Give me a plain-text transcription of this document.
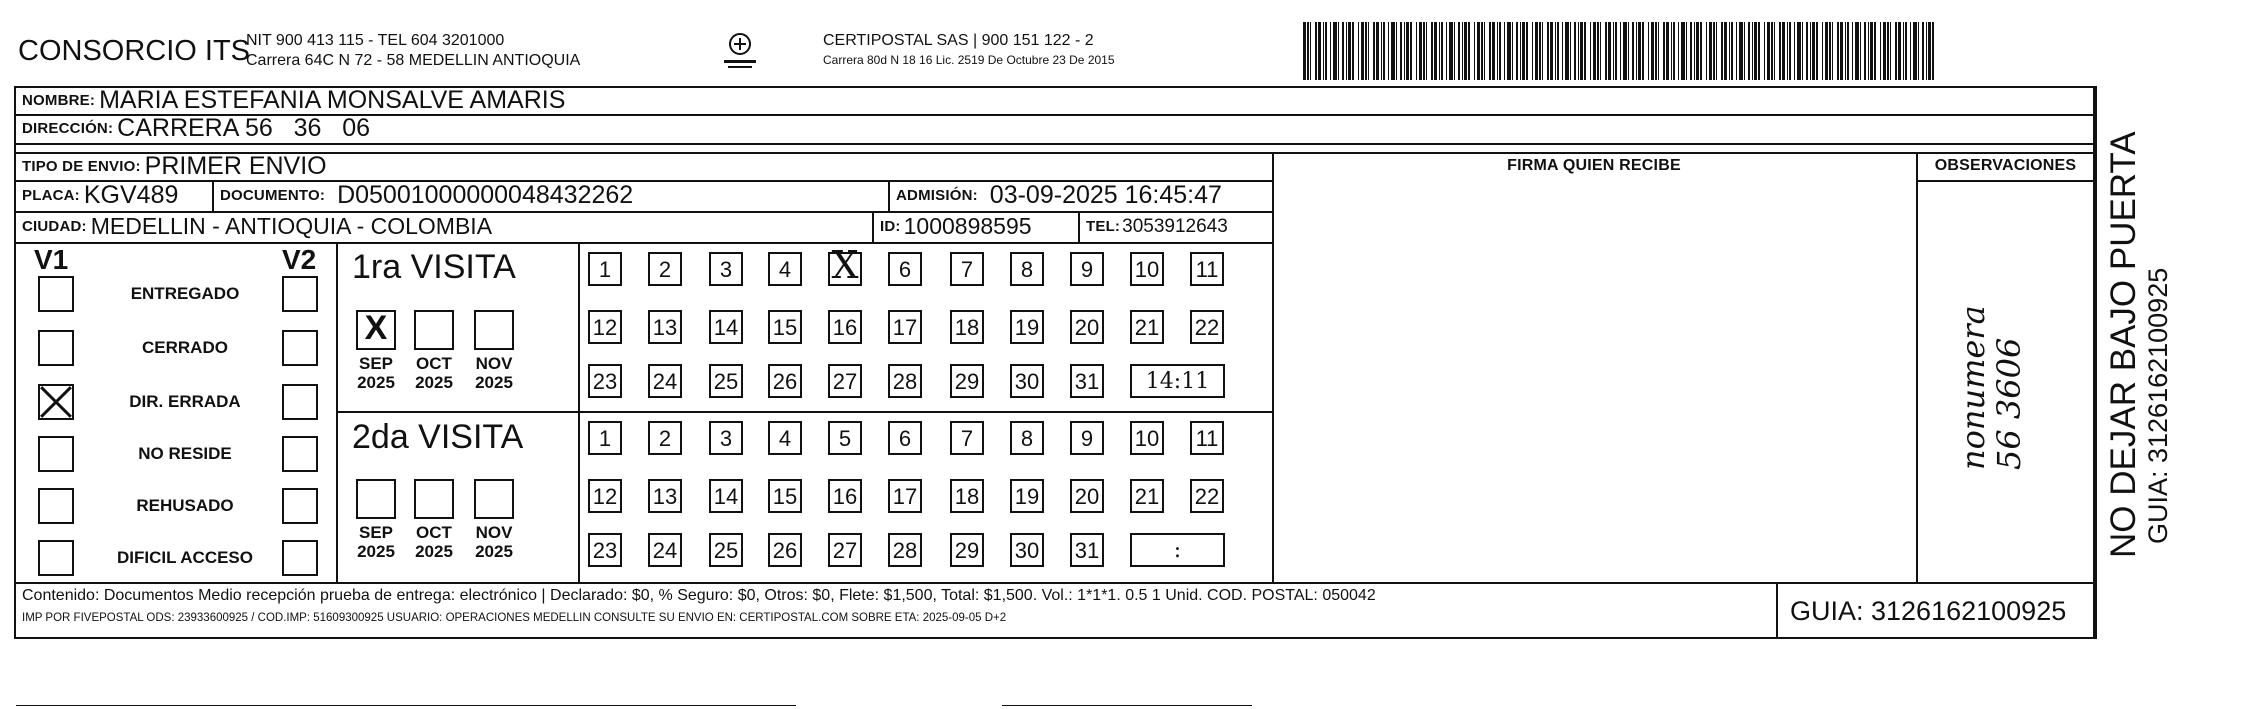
CONSORCIO ITS
NIT 900 413 115 - TEL 604 3201000
Carrera 64C N 72 - 58 MEDELLIN ANTIOQUIA
CERTIPOSTAL SAS | 900 151 122 - 2
Carrera 80d N 18 16 Lic. 2519 De Octubre 23 De 2015
NOMBRE: MARIA ESTEFANIA MONSALVE AMARIS
DIRECCIÓN: CARRERA 56   36   06
TIPO DE ENVIO: PRIMER ENVIO
PLACA: KGV489	DOCUMENTO: D05001000000048432262	ADMISIÓN: 03-09-2025 16:45:47
CIUDAD: MEDELLIN - ANTIOQUIA - COLOMBIA	ID: 1000898595	TEL: 3053912643
FIRMA QUIEN RECIBE	OBSERVACIONES
nonumera
56 3606 NO DEJAR BAJO PUERTA GUIA: 3126162100925
V1	V2
ENTREGADO
CERRADO
DIR. ERRADA
NO RESIDE
REHUSADO
DIFICIL ACCESO
1ra VISITA
2da VISITA
X
SEP
2025
OCT
2025
NOV
2025
1	2	3	4
X	6	7	8	9	10 11
12 13 14 15 16 17 18 19 20 21 22
23 24 25 26 27 28 29 30 31	14:11
SEP
2025
OCT
2025
NOV
2025
1	2	3	4	5	6	7	8	9	10 11
12 13 14 15 16 17 18 19 20 21 22
23 24 25 26 27 28 29 30 31	:
Contenido: Documentos Medio recepción prueba de entrega: electrónico | Declarado: $0, % Seguro: $0, Otros: $0, Flete: $1,500, Total: $1,500. Vol.: 1*1*1. 0.5 1 Unid. COD. POSTAL: 050042
IMP POR FIVEPOSTAL ODS: 23933600925 / COD.IMP: 51609300925 USUARIO: OPERACIONES MEDELLIN CONSULTE SU ENVIO EN: CERTIPOSTAL.COM SOBRE ETA: 2025-09-05 D+2	GUIA: 3126162100925
